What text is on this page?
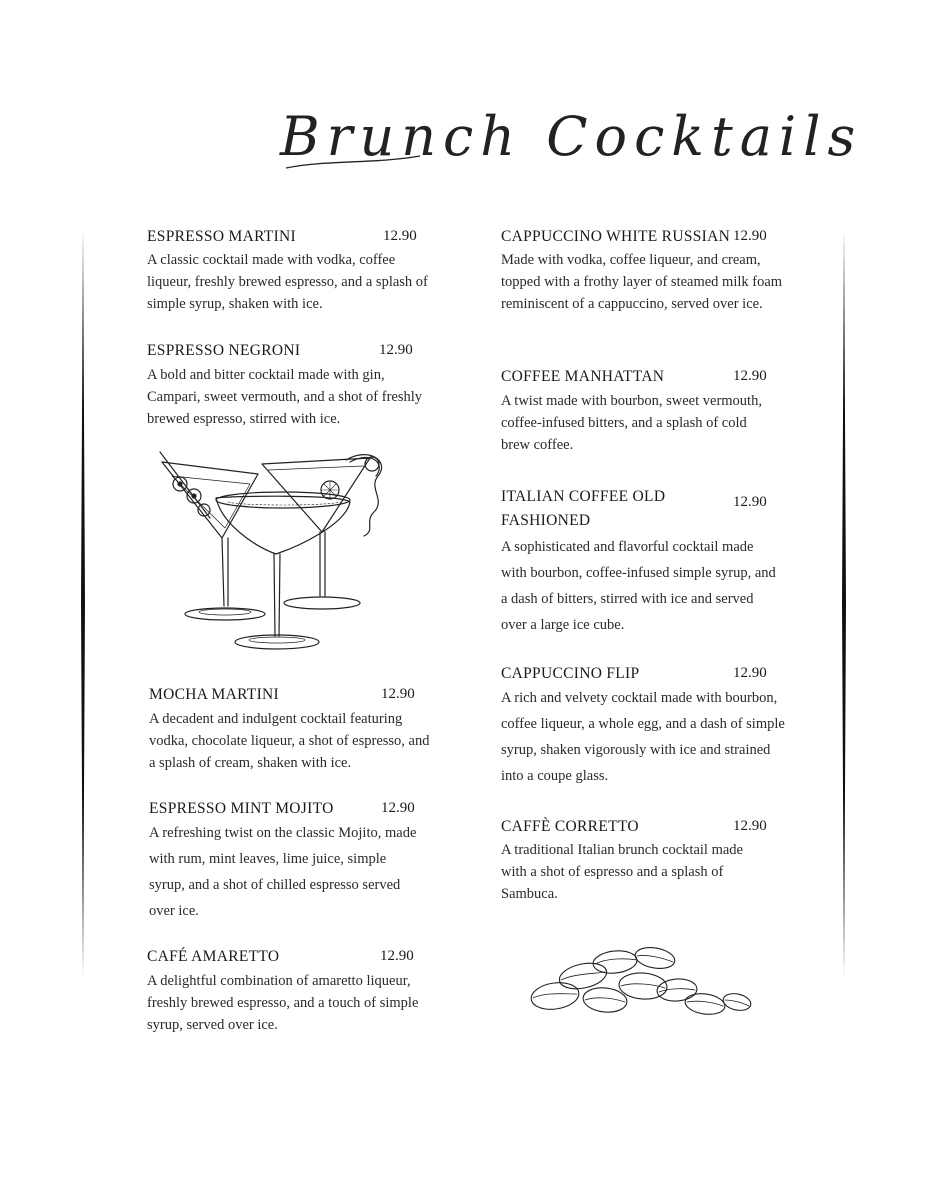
Brunch Cocktails
ESPRESSO MARTINI	12.90
A classic cocktail made with vodka, coffee liqueur, freshly brewed espresso, and a splash of simple syrup, shaken with ice.
ESPRESSO NEGRONI	12.90
A bold and bitter cocktail made with gin, Campari, sweet vermouth, and a shot of freshly brewed espresso, stirred with ice.
MOCHA MARTINI	12.90
A decadent and indulgent cocktail featuring vodka, chocolate liqueur, a shot of espresso, and a splash of cream, shaken with ice.
ESPRESSO MINT MOJITO	12.90
A refreshing twist on the classic Mojito, made with rum, mint leaves, lime juice, simple syrup, and a shot of chilled espresso served over ice.
CAFÉ AMARETTO	12.90
A delightful combination of amaretto liqueur, freshly brewed espresso, and a touch of simple syrup, served over ice.
CAPPUCCINO WHITE RUSSIAN 12.90
Made with vodka, coffee liqueur, and cream, topped with a frothy layer of steamed milk foam reminiscent of a cappuccino, served over ice.
COFFEE MANHATTAN	12.90
A twist made with bourbon, sweet vermouth, coffee-infused bitters, and a splash of cold brew coffee.
ITALIAN COFFEE OLD FASHIONED
12.90
A sophisticated and flavorful cocktail made with bourbon, coffee-infused simple syrup, and a dash of bitters, stirred with ice and served over a large ice cube.
CAPPUCCINO FLIP	12.90
A rich and velvety cocktail made with bourbon, coffee liqueur, a whole egg, and a dash of simple syrup, shaken vigorously with ice and strained into a coupe glass.
CAFFÈ CORRETTO	12.90
A traditional Italian brunch cocktail made with a shot of espresso and a splash of Sambuca.
